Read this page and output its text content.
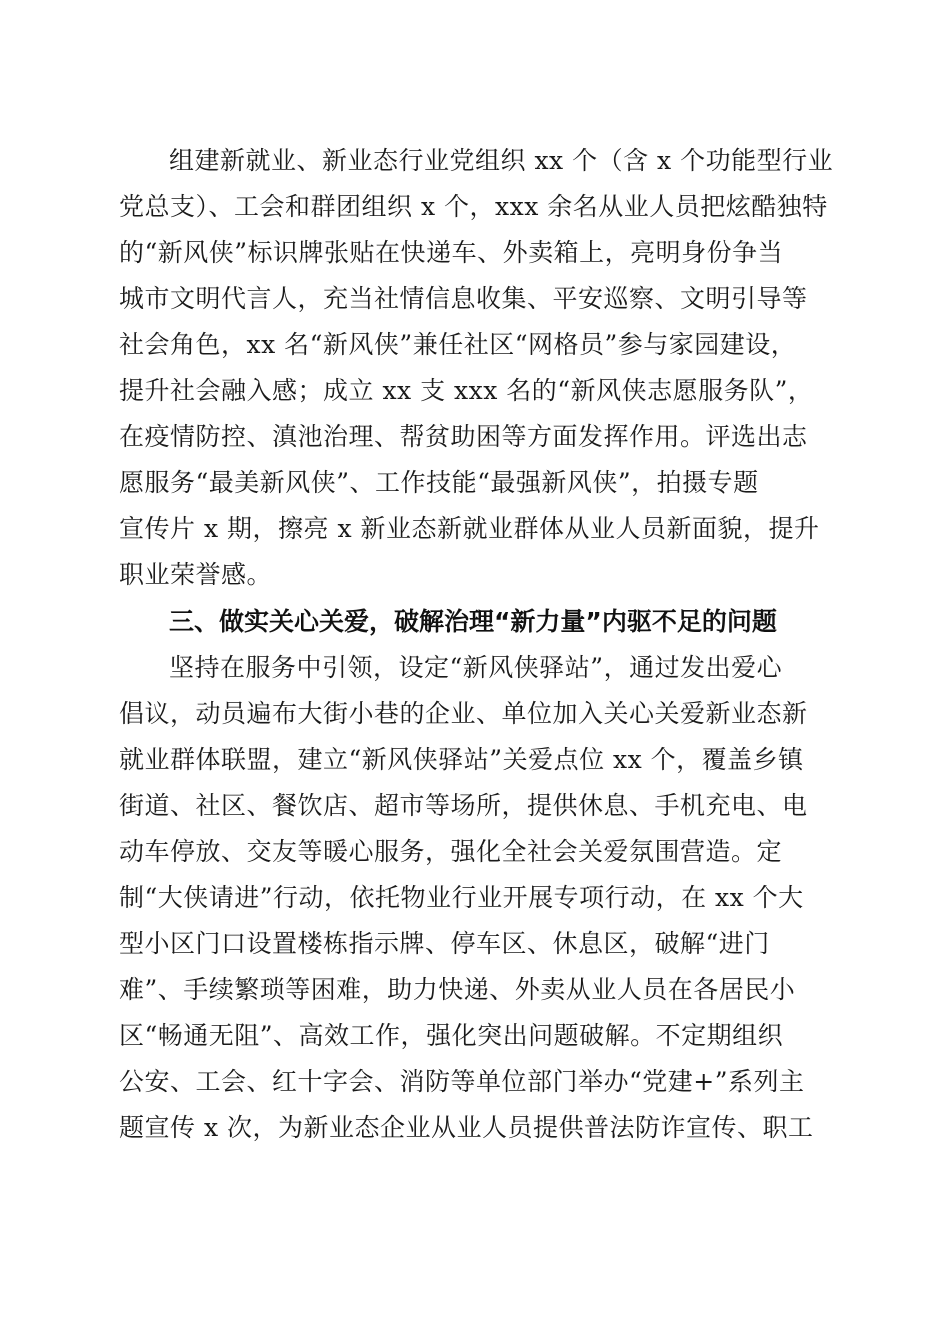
组建新就业、新业态行业党组织 xx 个（含 x 个功能型行业
党总支）、工会和群团组织 x 个，xxx 余名从业人员把炫酷独特
的“新风侠”标识牌张贴在快递车、外卖箱上，亮明身份争当
城市文明代言人，充当社情信息收集、平安巡察、文明引导等
社会角色，xx 名“新风侠”兼任社区“网格员”参与家园建设，
提升社会融入感；成立 xx 支 xxx 名的“新风侠志愿服务队”，
在疫情防控、滇池治理、帮贫助困等方面发挥作用。评选出志
愿服务“最美新风侠”、工作技能“最强新风侠”，拍摄专题
宣传片 x 期，擦亮 x 新业态新就业群体从业人员新面貌，提升
职业荣誉感。
三、做实关心关爱，破解治理“新力量”内驱不足的问题
坚持在服务中引领，设定“新风侠驿站”，通过发出爱心
倡议，动员遍布大街小巷的企业、单位加入关心关爱新业态新
就业群体联盟，建立“新风侠驿站”关爱点位 xx 个，覆盖乡镇
街道、社区、餐饮店、超市等场所，提供休息、手机充电、电
动车停放、交友等暖心服务，强化全社会关爱氛围营造。定
制“大侠请进”行动，依托物业行业开展专项行动，在 xx 个大
型小区门口设置楼栋指示牌、停车区、休息区，破解“进门
难”、手续繁琐等困难，助力快递、外卖从业人员在各居民小
区“畅通无阻”、高效工作，强化突出问题破解。不定期组织
公安、工会、红十字会、消防等单位部门举办“党建+”系列主
题宣传 x 次，为新业态企业从业人员提供普法防诈宣传、职工
